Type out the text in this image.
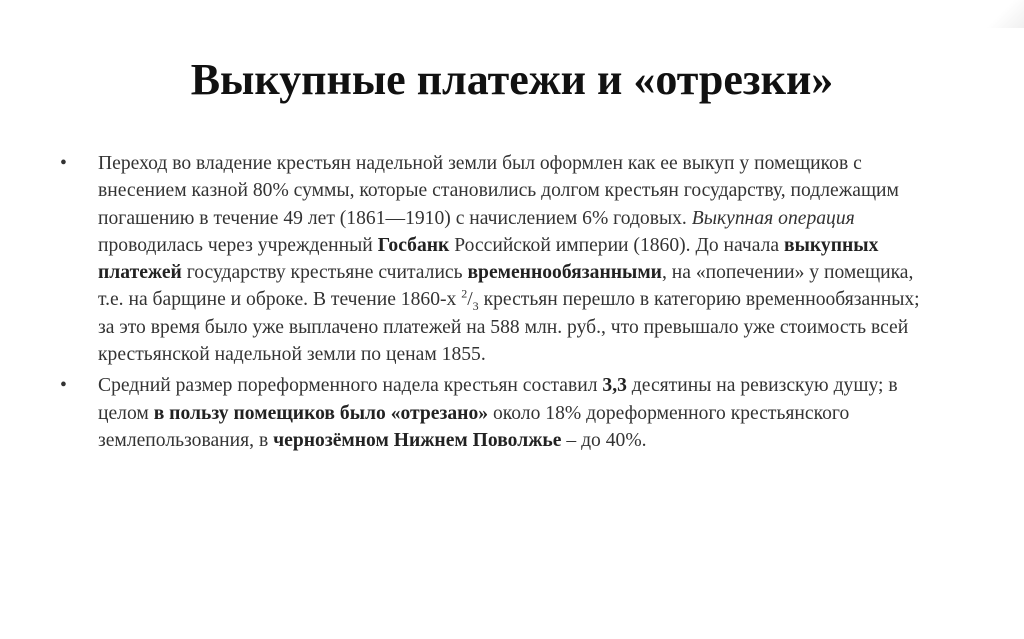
Выкупные платежи и «отрезки»
• Переход во владение крестьян надельной земли был оформлен как ее выкуп у помещиков с внесением казной 80% суммы, которые становились долгом крестьян государству, подлежащим погашению в течение 49 лет (1861—1910) с начислением 6% годовых. Выкупная операция проводилась через учрежденный Госбанк Российской империи (1860). До начала выкупных платежей государству крестьяне считались временнообязанными, на «попечении» у помещика, т.е. на барщине и оброке. В течение 1860-х $^2/_3$ крестьян перешло в категорию временнообязанных; за это время было уже выплачено платежей на 588 млн. руб., что превышало уже стоимость всей крестьянской надельной земли по ценам 1855.
• Средний размер пореформенного надела крестьян составил 3,3 десятины на ревизскую душу; в целом в пользу помещиков было «отрезано» около 18% дореформенного крестьянского землепользования, в чернозёмном Нижнем Поволжье – до 40%.
